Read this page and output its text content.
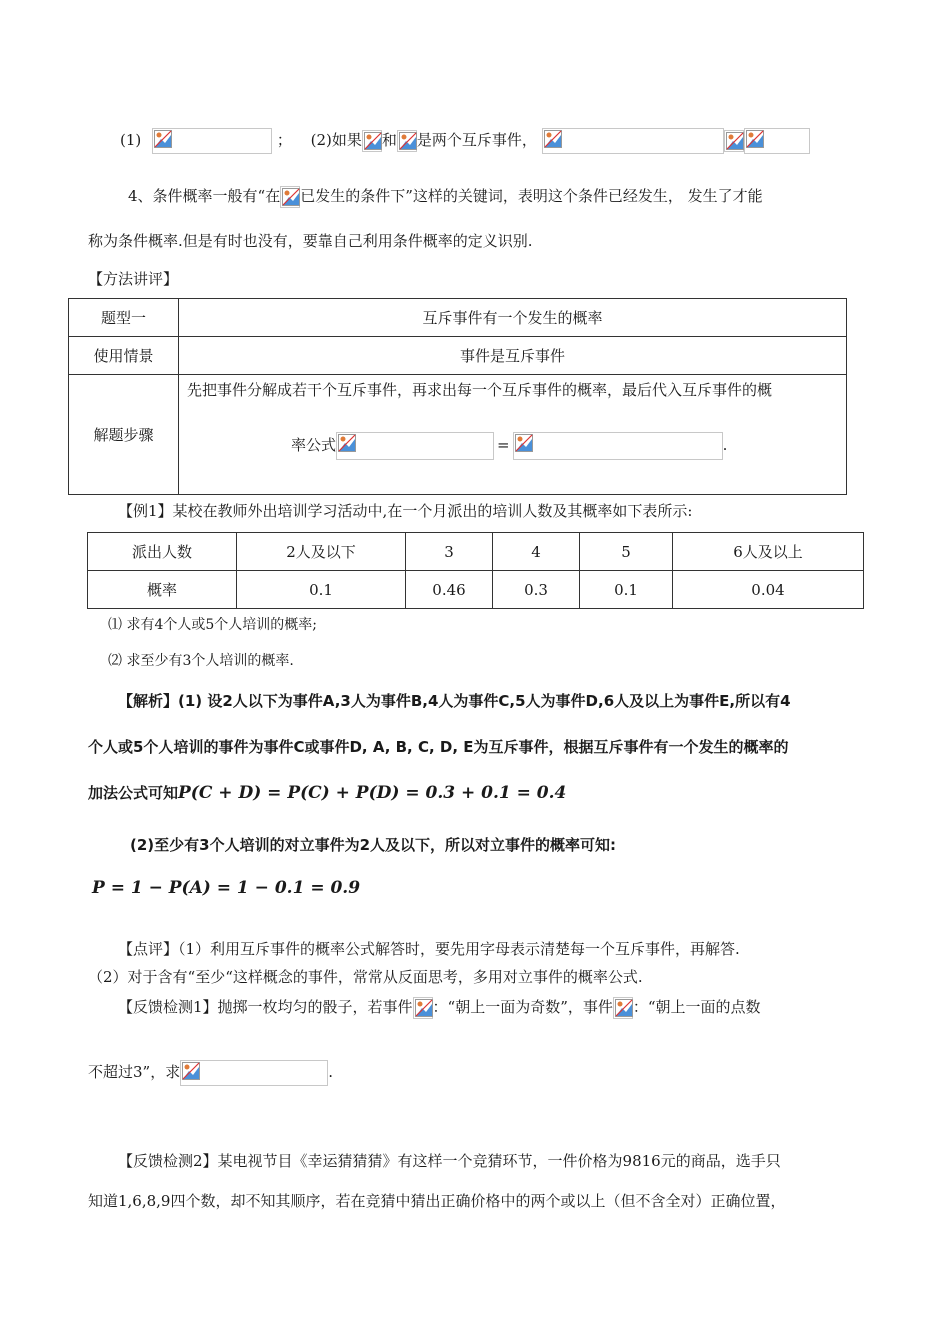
(1)	； (2)如果 和 是两个互斥事件，
4、条件概率一般有“在 已发生的条件下”这样的关键词，表明这个条件已经发生， 发生了才能
称为条件概率.但是有时也没有，要靠自己利用条件概率的定义识别.
【方法讲评】
题型一	互斥事件有一个发生的概率
使用情景	事件是互斥事件
解题步骤	先把事件分解成若干个互斥事件，再求出每一个互斥事件的概率，最后代入互斥事件的概
率公式 = .
【例1】某校在教师外出培训学习活动中,在一个月派出的培训人数及其概率如下表所示:
派出人数	2人及以下	3	4	5	6人及以上
概率	0.1	0.46	0.3	0.1	0.04
⑴ 求有4个人或5个人培训的概率;
⑵ 求至少有3个人培训的概率.
【解析】(1) 设2人以下为事件A,3人为事件B,4人为事件C,5人为事件D,6人及以上为事件E,所以有4
个人或5个人培训的事件为事件C或事件D, A, B, C, D, E为互斥事件，根据互斥事件有一个发生的概率的
加法公式可知P(C + D) = P(C) + P(D) = 0.3 + 0.1 = 0.4
(2)至少有3个人培训的对立事件为2人及以下，所以对立事件的概率可知:
P = 1 − P(A) = 1 − 0.1 = 0.9
【点评】（1）利用互斥事件的概率公式解答时，要先用字母表示清楚每一个互斥事件，再解答.
（2）对于含有“至少“这样概念的事件，常常从反面思考，多用对立事件的概率公式.
【反馈检测1】抛掷一枚均匀的骰子，若事件 ：“朝上一面为奇数”，事件 ：“朝上一面的点数
不超过3”，求	.
【反馈检测2】某电视节目《幸运猜猜猜》有这样一个竞猜环节，一件价格为9816元的商品，选手只
知道1,6,8,9四个数，却不知其顺序，若在竞猜中猜出正确价格中的两个或以上（但不含全对）正确位置，
